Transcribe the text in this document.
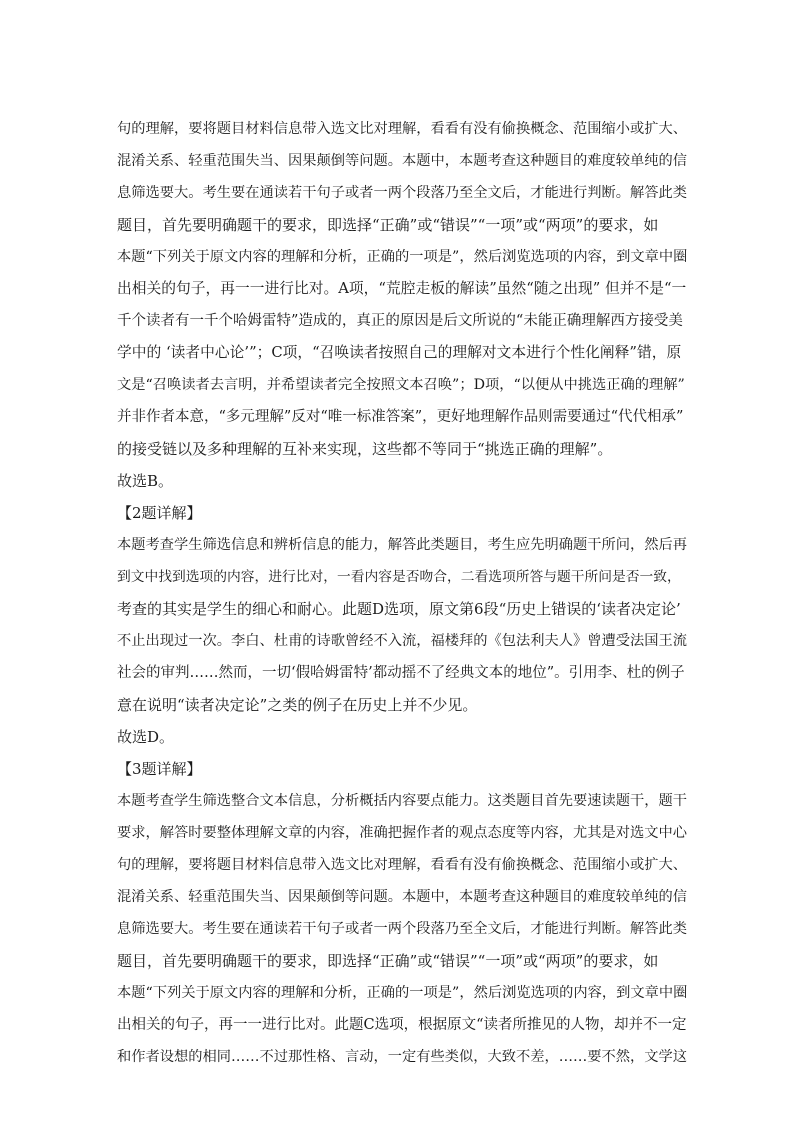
句的理解，要将题目材料信息带入选文比对理解，看看有没有偷换概念、范围缩小或扩大、
混淆关系、轻重范围失当、因果颠倒等问题。本题中，本题考查这种题目的难度较单纯的信
息筛选要大。考生要在通读若干句子或者一两个段落乃至全文后，才能进行判断。解答此类
题目，首先要明确题干的要求，即选择“正确”或“错误”“一项”或“两项”的要求，如
本题“下列关于原文内容的理解和分析，正确的一项是”，然后浏览选项的内容，到文章中圈
出相关的句子，再一一进行比对。A项，“荒腔走板的解读”虽然“随之出现” 但并不是“一
千个读者有一千个哈姆雷特”造成的，真正的原因是后文所说的“未能正确理解西方接受美
学中的 ‘读者中心论’”；C项，“召唤读者按照自己的理解对文本进行个性化阐释”错，原
文是“召唤读者去言明，并希望读者完全按照文本召唤”；D项，“以便从中挑选正确的理解”
并非作者本意，“多元理解”反对“唯一标准答案”，更好地理解作品则需要通过“代代相承”
的接受链以及多种理解的互补来实现，这些都不等同于“挑选正确的理解”。
故选B。
【2题详解】
本题考查学生筛选信息和辨析信息的能力，解答此类题目，考生应先明确题干所问，然后再
到文中找到选项的内容，进行比对，一看内容是否吻合，二看选项所答与题干所问是否一致，
考查的其实是学生的细心和耐心。此题D选项，原文第6段“历史上错误的‘读者决定论’
不止出现过一次。李白、杜甫的诗歌曾经不入流，福楼拜的《包法利夫人》曾遭受法国王流
社会的审判……然而，一切‘假哈姆雷特’都动摇不了经典文本的地位”。引用李、杜的例子
意在说明“读者决定论”之类的例子在历史上并不少见。
故选D。
【3题详解】
本题考查学生筛选整合文本信息，分析概括内容要点能力。这类题目首先要速读题干，题干
要求，解答时要整体理解文章的内容，准确把握作者的观点态度等内容，尤其是对选文中心
句的理解，要将题目材料信息带入选文比对理解，看看有没有偷换概念、范围缩小或扩大、
混淆关系、轻重范围失当、因果颠倒等问题。本题中，本题考查这种题目的难度较单纯的信
息筛选要大。考生要在通读若干句子或者一两个段落乃至全文后，才能进行判断。解答此类
题目，首先要明确题干的要求，即选择“正确”或“错误”“一项”或“两项”的要求，如
本题“下列关于原文内容的理解和分析，正确的一项是”，然后浏览选项的内容，到文章中圈
出相关的句子，再一一进行比对。此题C选项，根据原文“读者所推见的人物，却并不一定
和作者设想的相同……不过那性格、言动，一定有些类似，大致不差，……要不然，文学这
